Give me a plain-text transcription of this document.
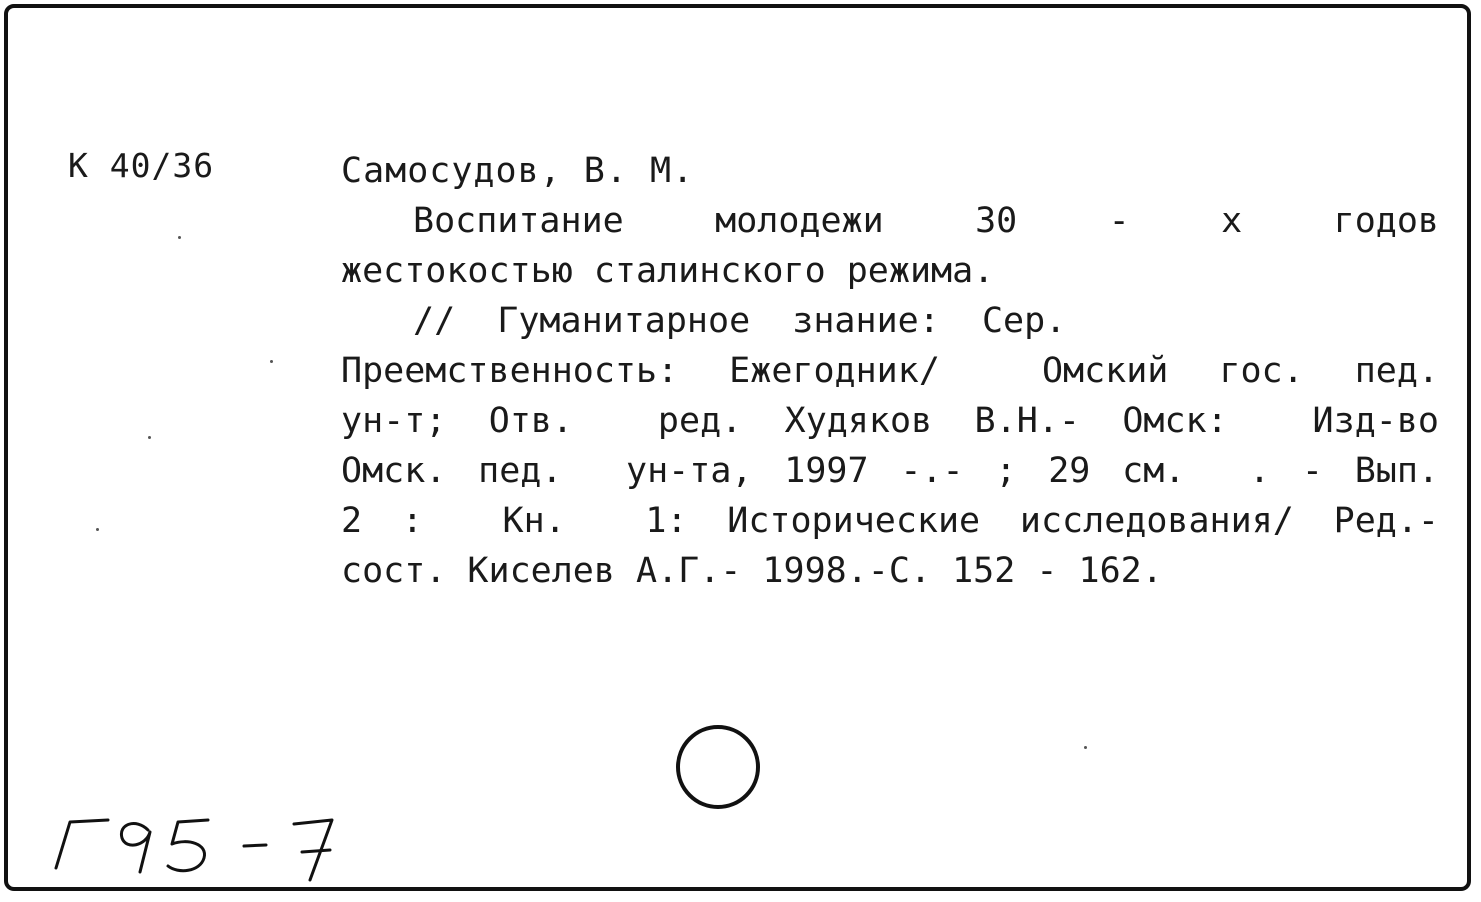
К 40/36	Самосудов, В. М.
Воспитание	молодежи	30	-	х	годов
жестокостью сталинского режима.
//  Гуманитарное  знание:  Сер.
Преемственность: Ежегодник/  Омский гос. пед.
ун-т; Отв.  ред. Худяков В.Н.- Омск:  Изд-во
Омск. пед.  ун-та, 1997 -.- ; 29 см.  . - Вып.
2 :  Кн.  1: Исторические исследования/ Ред.-
сост. Киселев А.Г.- 1998.-С. 152 - 162.
